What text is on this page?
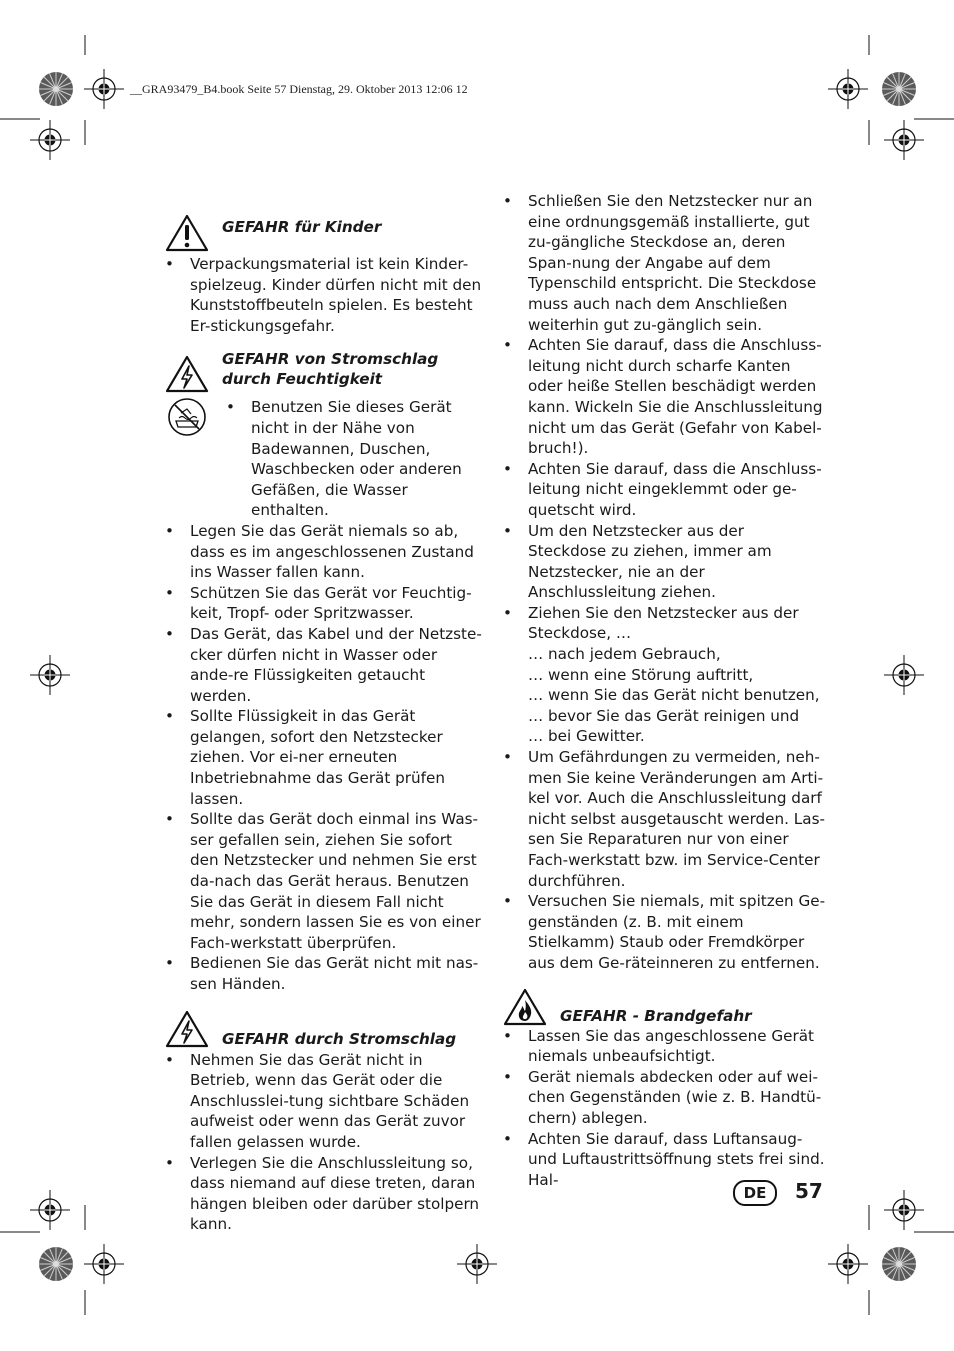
__GRA93479_B4.book Seite 57 Dienstag, 29. Oktober 2013 12:06 12
GEFAHR für Kinder
• Verpackungsmaterial ist kein Kinder-spielzeug. Kinder dürfen nicht mit den Kunststoffbeuteln spielen. Es besteht Er-stickungsgefahr.
GEFAHR von Stromschlag
durch Feuchtigkeit
• Benutzen Sie dieses Gerät nicht in der Nähe von Badewannen, Duschen, Waschbecken oder anderen Gefäßen, die Wasser enthalten.
• Legen Sie das Gerät niemals so ab, dass es im angeschlossenen Zustand ins Wasser fallen kann.
• Schützen Sie das Gerät vor Feuchtig-keit, Tropf- oder Spritzwasser.
• Das Gerät, das Kabel und der Netzste-cker dürfen nicht in Wasser oder ande-re Flüssigkeiten getaucht werden.
• Sollte Flüssigkeit in das Gerät gelangen, sofort den Netzstecker ziehen. Vor ei-ner erneuten Inbetriebnahme das Gerät prüfen lassen.
• Sollte das Gerät doch einmal ins Was-ser gefallen sein, ziehen Sie sofort den Netzstecker und nehmen Sie erst da-nach das Gerät heraus. Benutzen Sie das Gerät in diesem Fall nicht mehr, sondern lassen Sie es von einer Fach-werkstatt überprüfen.
• Bedienen Sie das Gerät nicht mit nas-sen Händen.
GEFAHR durch Stromschlag
• Nehmen Sie das Gerät nicht in Betrieb, wenn das Gerät oder die Anschlusslei-tung sichtbare Schäden aufweist oder wenn das Gerät zuvor fallen gelassen wurde.
• Verlegen Sie die Anschlussleitung so, dass niemand auf diese treten, daran hängen bleiben oder darüber stolpern kann.
• Schließen Sie den Netzstecker nur an eine ordnungsgemäß installierte, gut zu-gängliche Steckdose an, deren Span-nung der Angabe auf dem Typenschild entspricht. Die Steckdose muss auch nach dem Anschließen weiterhin gut zu-gänglich sein.
• Achten Sie darauf, dass die Anschluss-leitung nicht durch scharfe Kanten oder heiße Stellen beschädigt werden kann. Wickeln Sie die Anschlussleitung nicht um das Gerät (Gefahr von Kabel-bruch!).
• Achten Sie darauf, dass die Anschluss-leitung nicht eingeklemmt oder ge-quetscht wird.
• Um den Netzstecker aus der Steckdose zu ziehen, immer am Netzstecker, nie an der Anschlussleitung ziehen.
• Ziehen Sie den Netzstecker aus der Steckdose, …
… nach jedem Gebrauch,
… wenn eine Störung auftritt,
… wenn Sie das Gerät nicht benutzen,
… bevor Sie das Gerät reinigen und
… bei Gewitter.
• Um Gefährdungen zu vermeiden, neh-men Sie keine Veränderungen am Arti-kel vor. Auch die Anschlussleitung darf nicht selbst ausgetauscht werden. Las-sen Sie Reparaturen nur von einer Fach-werkstatt bzw. im Service-Center durchführen.
• Versuchen Sie niemals, mit spitzen Ge-genständen (z. B. mit einem Stielkamm) Staub oder Fremdkörper aus dem Ge-räteinneren zu entfernen.
GEFAHR - Brandgefahr
• Lassen Sie das angeschlossene Gerät niemals unbeaufsichtigt.
• Gerät niemals abdecken oder auf wei-chen Gegenständen (wie z. B. Handtü-chern) ablegen.
• Achten Sie darauf, dass Luftansaug- und Luftaustrittsöffnung stets frei sind. Hal-
DE	57
